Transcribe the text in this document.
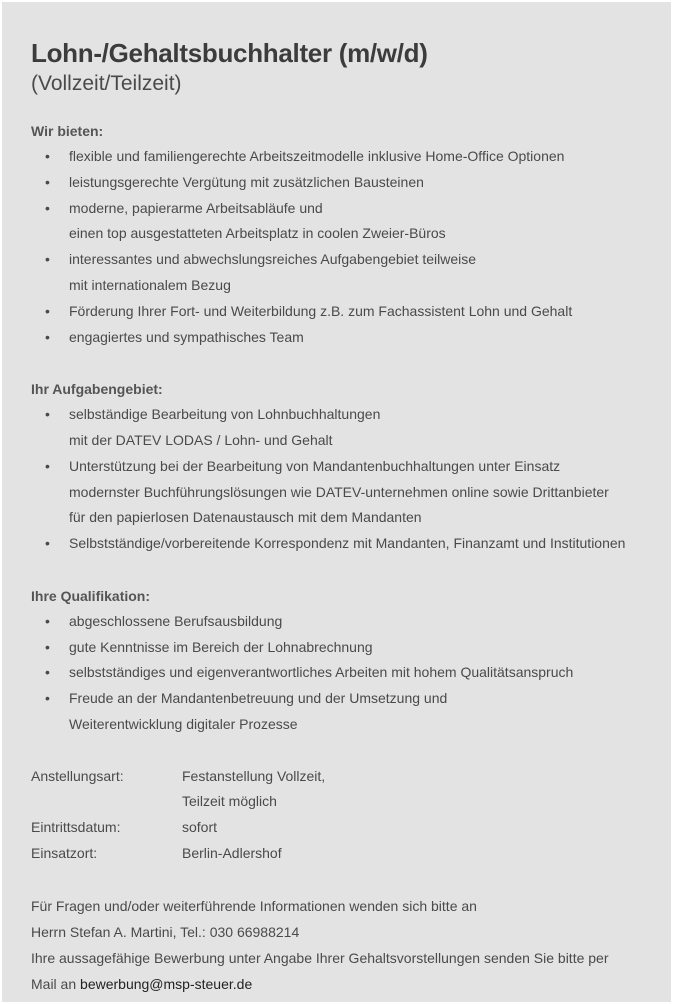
Lohn-/Gehaltsbuchhalter (m/w/d)
(Vollzeit/Teilzeit)
Wir bieten:
• flexible und familiengerechte Arbeitszeitmodelle inklusive Home-Office Optionen
• leistungsgerechte Vergütung mit zusätzlichen Bausteinen
• moderne, papierarme Arbeitsabläufe und
einen top ausgestatteten Arbeitsplatz in coolen Zweier-Büros
• interessantes und abwechslungsreiches Aufgabengebiet teilweise
mit internationalem Bezug
• Förderung Ihrer Fort- und Weiterbildung z.B. zum Fachassistent Lohn und Gehalt
• engagiertes und sympathisches Team
Ihr Aufgabengebiet:
• selbständige Bearbeitung von Lohnbuchhaltungen
mit der DATEV LODAS / Lohn- und Gehalt
• Unterstützung bei der Bearbeitung von Mandantenbuchhaltungen unter Einsatz
modernster Buchführungslösungen wie DATEV-unternehmen online sowie Drittanbieter
für den papierlosen Datenaustausch mit dem Mandanten
• Selbstständige/vorbereitende Korrespondenz mit Mandanten, Finanzamt und Institutionen
Ihre Qualifikation:
• abgeschlossene Berufsausbildung
• gute Kenntnisse im Bereich der Lohnabrechnung
• selbstständiges und eigenverantwortliches Arbeiten mit hohem Qualitätsanspruch
• Freude an der Mandantenbetreuung und der Umsetzung und
Weiterentwicklung digitaler Prozesse
Anstellungsart:	Festanstellung Vollzeit,
Teilzeit möglich
Eintrittsdatum:	sofort
Einsatzort:	Berlin-Adlershof

Für Fragen und/oder weiterführende Informationen wenden sich bitte an

Herrn Stefan A. Martini, Tel.: 030 66988214

Ihre aussagefähige Bewerbung unter Angabe Ihrer Gehaltsvorstellungen senden Sie bitte per

Mail an bewerbung@msp-steuer.de
